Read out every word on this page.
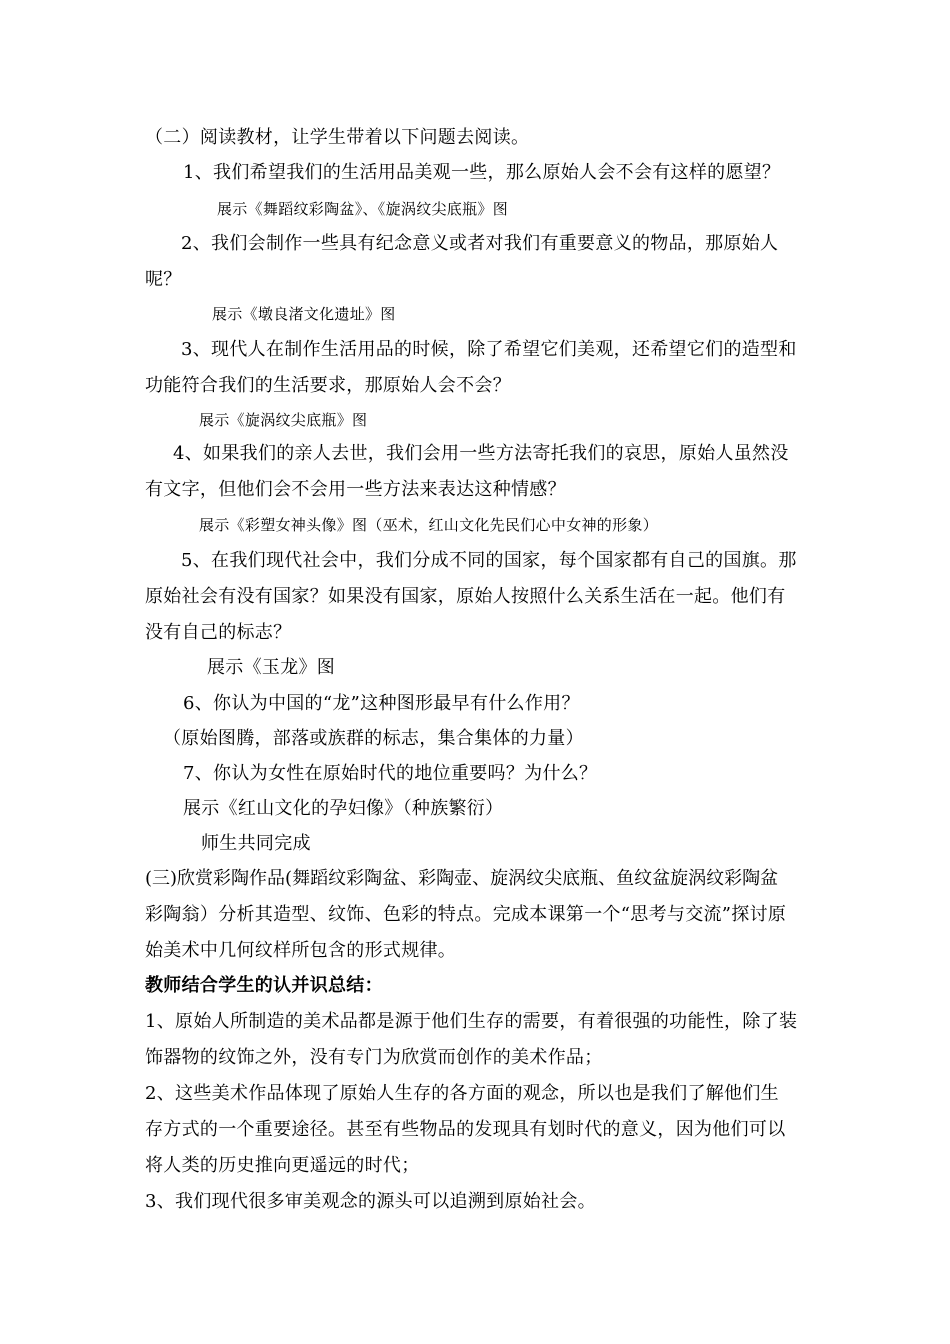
（二）阅读教材，让学生带着以下问题去阅读。
1、我们希望我们的生活用品美观一些，那么原始人会不会有这样的愿望？
展示《舞蹈纹彩陶盆》、《旋涡纹尖底瓶》图
2、我们会制作一些具有纪念意义或者对我们有重要意义的物品，那原始人
呢？
展示《墩良渚文化遗址》图
3、现代人在制作生活用品的时候，除了希望它们美观，还希望它们的造型和
功能符合我们的生活要求，那原始人会不会？
展示《旋涡纹尖底瓶》图
4、如果我们的亲人去世，我们会用一些方法寄托我们的哀思，原始人虽然没
有文字，但他们会不会用一些方法来表达这种情感？
展示《彩塑女神头像》图（巫术，红山文化先民们心中女神的形象）
5、在我们现代社会中，我们分成不同的国家，每个国家都有自己的国旗。那
原始社会有没有国家？如果没有国家，原始人按照什么关系生活在一起。他们有
没有自己的标志？
展示《玉龙》图
6、你认为中国的“龙”这种图形最早有什么作用？
（原始图腾，部落或族群的标志，集合集体的力量）
7、你认为女性在原始时代的地位重要吗？为什么？
展示《红山文化的孕妇像》（种族繁衍）
师生共同完成
(三)欣赏彩陶作品(舞蹈纹彩陶盆、彩陶壶、旋涡纹尖底瓶、鱼纹盆旋涡纹彩陶盆
彩陶翁）分析其造型、纹饰、色彩的特点。完成本课第一个“思考与交流”探讨原
始美术中几何纹样所包含的形式规律。
教师结合学生的认并识总结：
1、原始人所制造的美术品都是源于他们生存的需要，有着很强的功能性，除了装
饰器物的纹饰之外，没有专门为欣赏而创作的美术作品；
2、这些美术作品体现了原始人生存的各方面的观念，所以也是我们了解他们生
存方式的一个重要途径。甚至有些物品的发现具有划时代的意义，因为他们可以
将人类的历史推向更遥远的时代；
3、我们现代很多审美观念的源头可以追溯到原始社会。
